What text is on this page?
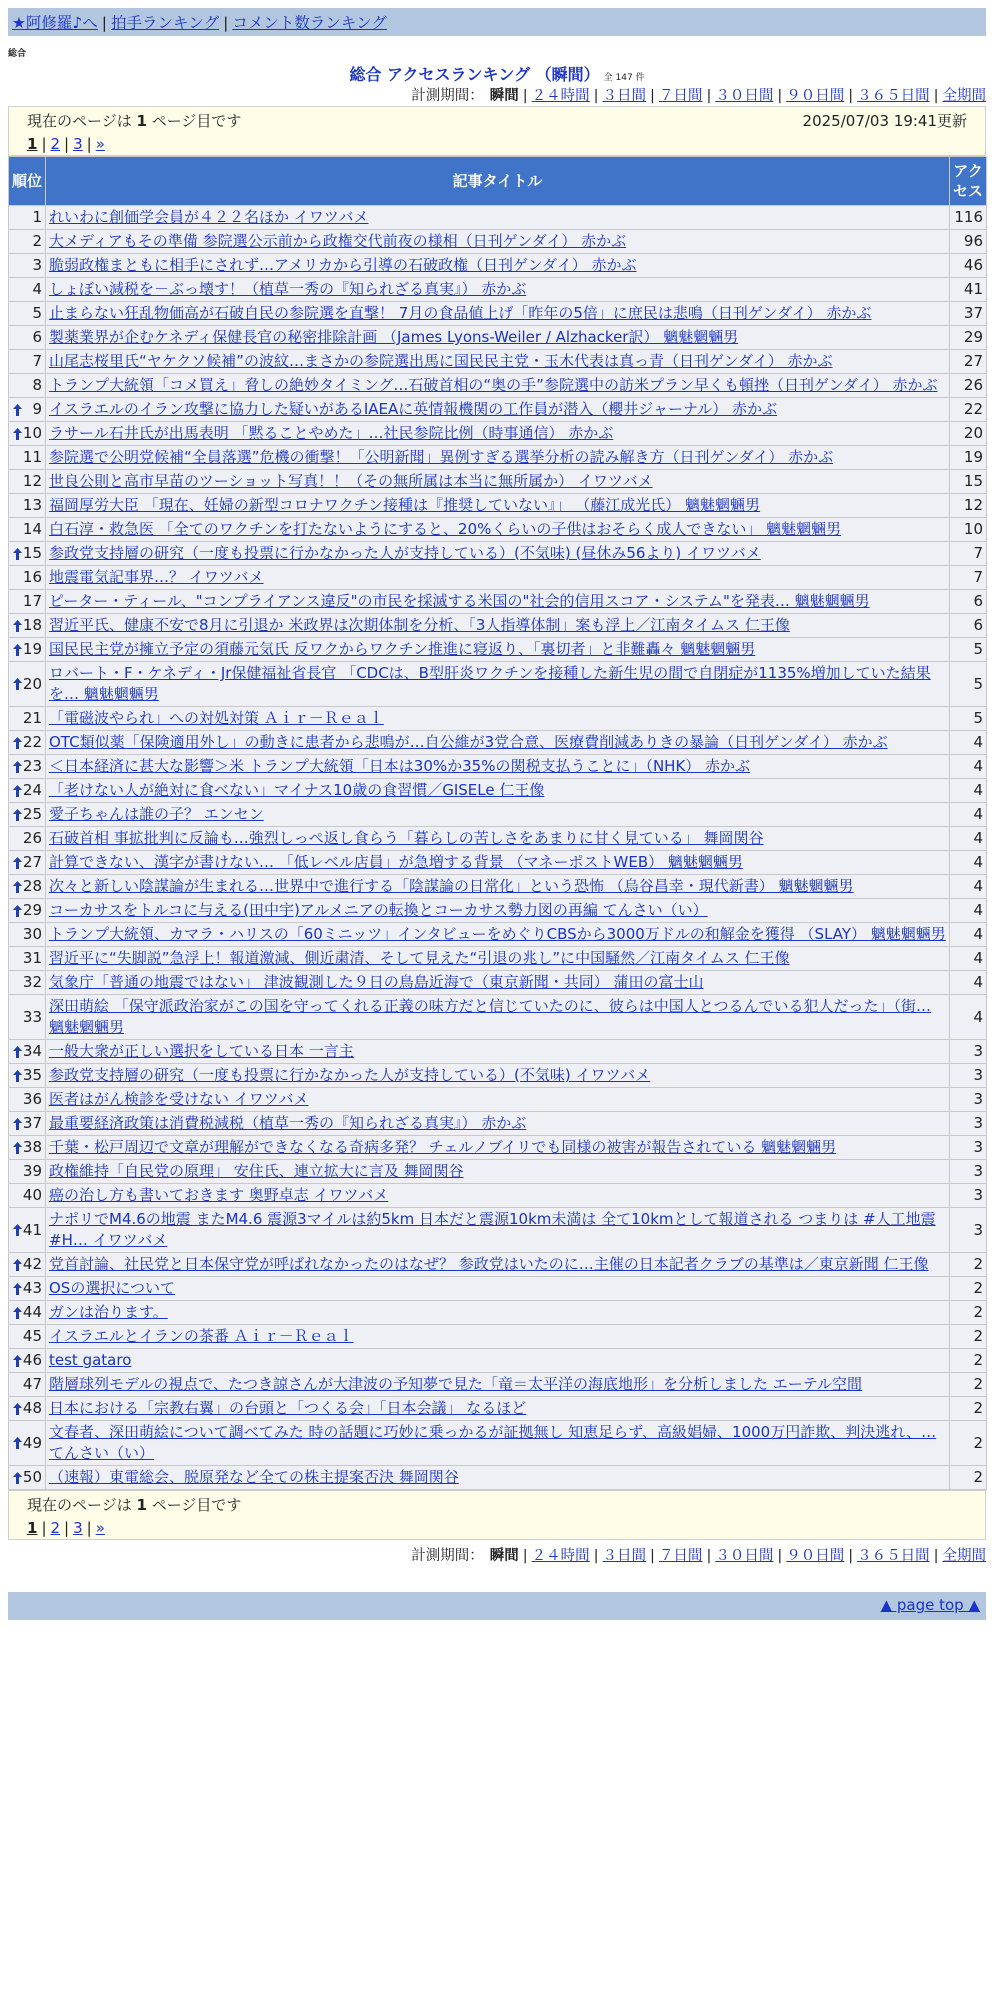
★阿修羅♪へ | 拍手ランキング | コメント数ランキング
総合
総合 アクセスランキング （瞬間） 全 147 件
計測期間： 瞬間 | ２４時間 | ３日間 | ７日間 | ３０日間 | ９０日間 | ３６５日間 | 全期間
現在のページは 1 ページ目です	2025/07/03 19:41更新
1 | 2 | 3 | »
順位	記事タイトル	アクセス
1	れいわに創価学会員が４２２名ほか イワツバメ	116
2	大メディアもその準備 参院選公示前から政権交代前夜の様相（日刊ゲンダイ） 赤かぶ	96
3	脆弱政権まともに相手にされず…アメリカから引導の石破政権（日刊ゲンダイ） 赤かぶ	46
4	しょぼい減税を－ぶっ壊す！（植草一秀の『知られざる真実』） 赤かぶ	41
5	止まらない狂乱物価高が石破自民の参院選を直撃！ 7月の食品値上げ「昨年の5倍」に庶民は悲鳴（日刊ゲンダイ） 赤かぶ	37
6	製薬業界が企むケネディ保健長官の秘密排除計画 （James Lyons-Weiler / Alzhacker訳） 魑魅魍魎男	29
7	山尾志桜里氏“ヤケクソ候補”の波紋…まさかの参院選出馬に国民民主党・玉木代表は真っ青（日刊ゲンダイ） 赤かぶ	27
8	トランプ大統領「コメ買え」脅しの絶妙タイミング…石破首相の“奥の手”参院選中の訪米プラン早くも頓挫（日刊ゲンダイ） 赤かぶ	26

9	イスラエルのイラン攻撃に協力した疑いがあるIAEAに英情報機関の工作員が潜入（櫻井ジャーナル） 赤かぶ	22

10	ラサール石井氏が出馬表明 「黙ることやめた」…社民参院比例（時事通信） 赤かぶ	20
11	参院選で公明党候補“全員落選”危機の衝撃！「公明新聞」異例すぎる選挙分析の読み解き方（日刊ゲンダイ） 赤かぶ	19
12	世良公則と高市早苗のツーショット写真！！（その無所属は本当に無所属か） イワツバメ	15
13	福岡厚労大臣 「現在、妊婦の新型コロナワクチン接種は『推奨していない』」 （藤江成光氏） 魑魅魍魎男	12
14	白石淳・救急医 「全てのワクチンを打たないようにすると、20%くらいの子供はおそらく成人できない」 魑魅魍魎男	10

15	参政党支持層の研究（一度も投票に行かなかった人が支持している）(不気味) (昼休み56より) イワツバメ	7
16	地震電気記事界…？ イワツバメ	7
17	ピーター・ティール、"コンプライアンス違反"の市民を採滅する米国の"社会的信用スコア・システム"を発表… 魑魅魍魎男	6

18	習近平氏、健康不安で8月に引退か 米政界は次期体制を分析、「3人指導体制」案も浮上／江南タイムス 仁王像	6

19	国民民主党が擁立予定の須藤元気氏 反ワクからワクチン推進に寝返り、「裏切者」と非難轟々 魑魅魍魎男	5

20	ロバート・F・ケネディ・Jr保健福祉省長官 「CDCは、B型肝炎ワクチンを接種した新生児の間で自閉症が1135%増加していた結果を… 魑魅魍魎男	5
21	「電磁波やられ」への対処対策 Ａｉｒ－Ｒｅａｌ	5

22	OTC類似薬「保険適用外し」の動きに患者から悲鳴が…自公維が3党合意、医療費削減ありきの暴論（日刊ゲンダイ） 赤かぶ	4

23	＜日本経済に甚大な影響＞米 トランプ大統領「日本は30%か35%の関税支払うことに」（NHK） 赤かぶ	4

24	「老けない人が絶対に食べない」マイナス10歳の食習慣／GISELe 仁王像	4

25	愛子ちゃんは誰の子？ エンセン	4
26	石破首相 事拡批判に反論も…強烈しっぺ返し食らう「暮らしの苦しさをあまりに甘く見ている」 舞岡関谷	4

27	計算できない、漢字が書けない… 「低レベル店員」が急増する背景 （マネーポストWEB） 魑魅魍魎男	4

28	次々と新しい陰謀論が生まれる…世界中で進行する「陰謀論の日常化」という恐怖 （烏谷昌幸・現代新書） 魑魅魍魎男	4

29	コーカサスをトルコに与える(田中宇)アルメニアの転換とコーカサス勢力図の再編 てんさい（い）	4
30	トランプ大統領、カマラ・ハリスの「60ミニッツ」インタビューをめぐりCBSから3000万ドルの和解金を獲得 （SLAY） 魑魅魍魎男	4
31	習近平に“失脚説”急浮上！報道激減、側近粛清、そして見えた“引退の兆し”に中国騒然／江南タイムス 仁王像	4
32	気象庁「普通の地震ではない」 津波観測した９日の鳥島近海で（東京新聞・共同） 蒲田の富士山	4
33	深田萌絵 「保守派政治家がこの国を守ってくれる正義の味方だと信じていたのに、彼らは中国人とつるんでいる犯人だった」（街… 魑魅魍魎男	4

34	一般大衆が正しい選択をしている日本 一言主	3

35	参政党支持層の研究（一度も投票に行かなかった人が支持している）(不気味) イワツバメ	3
36	医者はがん検診を受けない イワツバメ	3

37	最重要経済政策は消費税減税（植草一秀の『知られざる真実』） 赤かぶ	3

38	千葉・松戸周辺で文章が理解ができなくなる奇病多発？ チェルノブイリでも同様の被害が報告されている 魑魅魍魎男	3
39	政権維持「自民党の原理」 安住氏、連立拡大に言及 舞岡関谷	3
40	癌の治し方も書いておきます 奥野卓志 イワツバメ	3

41	ナポリでM4.6の地震 またM4.6 震源3マイルは約5km 日本だと震源10km未満は 全て10kmとして報道される つまりは #人工地震 #H… イワツバメ	3

42	党首討論、社民党と日本保守党が呼ばれなかったのはなぜ？ 参政党はいたのに…主催の日本記者クラブの基準は／東京新聞 仁王像	2

43	OSの選択について	2

44	ガンは治ります。	2
45	イスラエルとイランの茶番 Ａｉｒ－Ｒｅａｌ	2

46	test gataro	2
47	階層球列モデルの視点で、たつき諒さんが大津波の予知夢で見た「竜＝太平洋の海底地形」を分析しました エーテル空間	2

48	日本における「宗教右翼」の台頭と「つくる会」「日本会議」 なるほど	2

49	文春者、深田萌絵について調べてみた 時の話題に巧妙に乗っかるが証拠無し 知恵足らず、高級娼婦、1000万円詐欺、判決逃れ、… てんさい（い）	2

50	（速報）東電総会、脱原発など全ての株主提案否決 舞岡関谷	2
現在のページは 1 ページ目です
1 | 2 | 3 | »
計測期間： 瞬間 | ２４時間 | ３日間 | ７日間 | ３０日間 | ９０日間 | ３６５日間 | 全期間
▲ page top ▲
